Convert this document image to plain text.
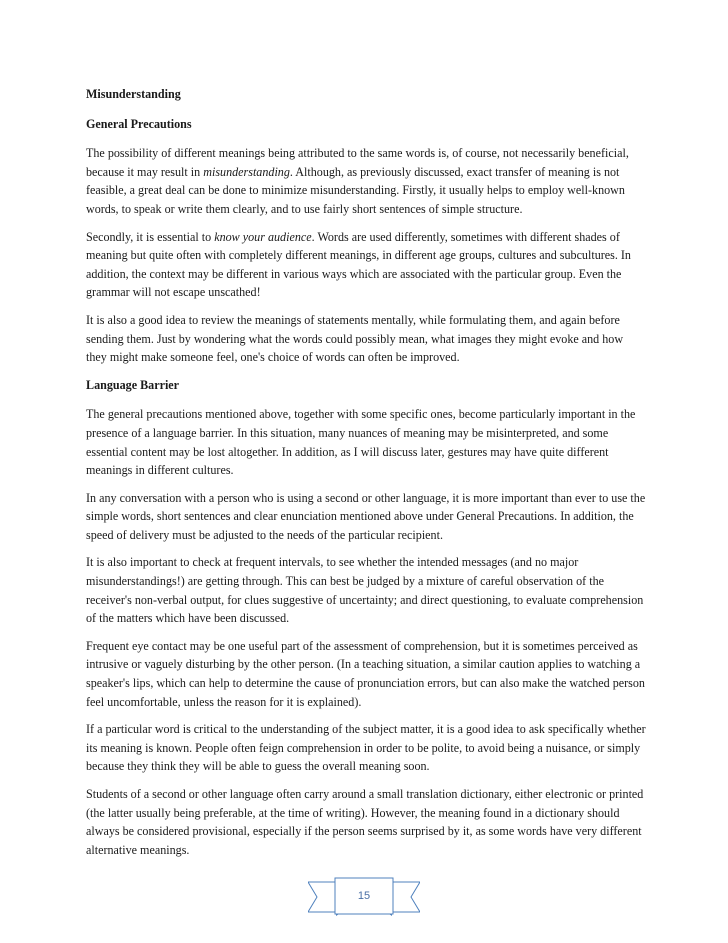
Misunderstanding
General Precautions

The possibility of different meanings being attributed to the same words is, of course, not necessarily beneficial, because it may result in misunderstanding. Although, as previously discussed, exact transfer of meaning is not feasible, a great deal can be done to minimize misunderstanding. Firstly, it usually helps to employ well-known words, to speak or write them clearly, and to use fairly short sentences of simple structure.

Secondly, it is essential to know your audience. Words are used differently, sometimes with different shades of meaning but quite often with completely different meanings, in different age groups, cultures and subcultures. In addition, the context may be different in various ways which are associated with the particular group. Even the grammar will not escape unscathed!

It is also a good idea to review the meanings of statements mentally, while formulating them, and again before sending them. Just by wondering what the words could possibly mean, what images they might evoke and how they might make someone feel, one's choice of words can often be improved.

Language Barrier

The general precautions mentioned above, together with some specific ones, become particularly important in the presence of a language barrier. In this situation, many nuances of meaning may be misinterpreted, and some essential content may be lost altogether. In addition, as I will discuss later, gestures may have quite different meanings in different cultures.

In any conversation with a person who is using a second or other language, it is more important than ever to use the simple words, short sentences and clear enunciation mentioned above under General Precautions. In addition, the speed of delivery must be adjusted to the needs of the particular recipient.

It is also important to check at frequent intervals, to see whether the intended messages (and no major misunderstandings!) are getting through. This can best be judged by a mixture of careful observation of the receiver's non-verbal output, for clues suggestive of uncertainty; and direct questioning, to evaluate comprehension of the matters which have been discussed.

Frequent eye contact may be one useful part of the assessment of comprehension, but it is sometimes perceived as intrusive or vaguely disturbing by the other person. (In a teaching situation, a similar caution applies to watching a speaker's lips, which can help to determine the cause of pronunciation errors, but can also make the watched person feel uncomfortable, unless the reason for it is explained).

If a particular word is critical to the understanding of the subject matter, it is a good idea to ask specifically whether its meaning is known. People often feign comprehension in order to be polite, to avoid being a nuisance, or simply because they think they will be able to guess the overall meaning soon.

Students of a second or other language often carry around a small translation dictionary, either electronic or printed (the latter usually being preferable, at the time of writing). However, the meaning found in a dictionary should always be considered provisional, especially if the person seems surprised by it, as some words have very different alternative meanings.

15
